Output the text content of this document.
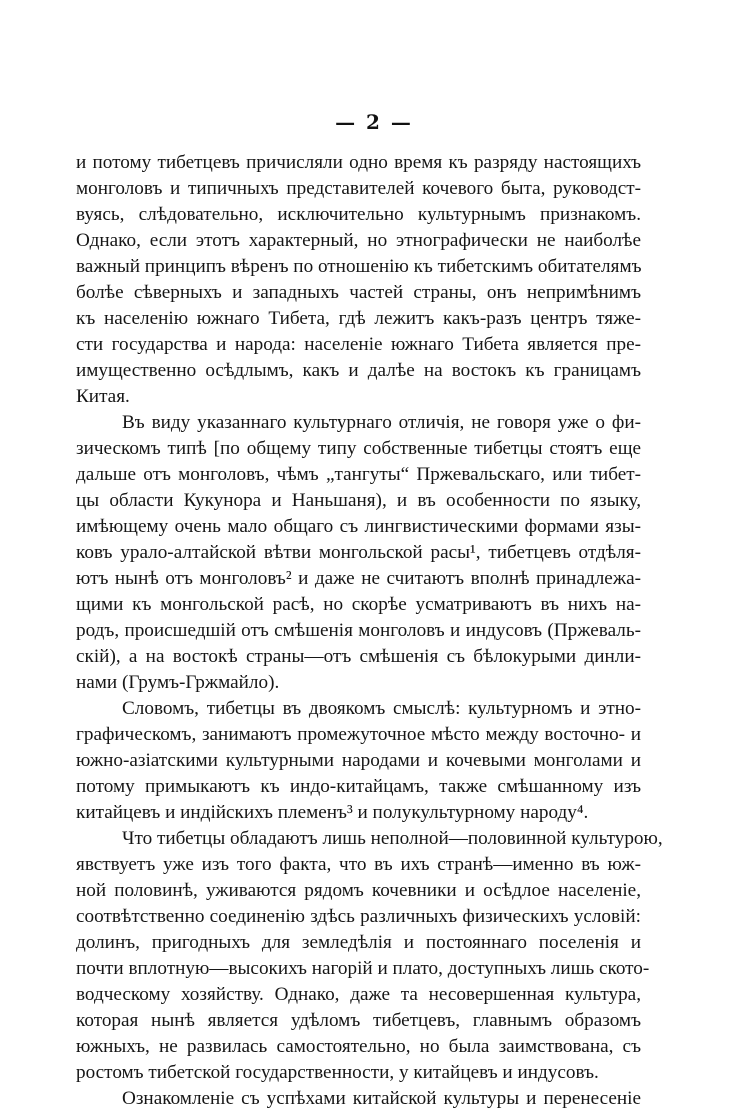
— 2 —
и потому тибетцевъ причисляли одно время къ разряду настоящихъ
монголовъ и типичныхъ представителей кочевого быта, руководст-
вуясь, слѣдовательно, исключительно культурнымъ признакомъ.
Однако, если этотъ характерный, но этнографически не наиболѣе
важный принципъ вѣренъ по отношенію къ тибетскимъ обитателямъ
болѣе сѣверныхъ и западныхъ частей страны, онъ непримѣнимъ
къ населенію южнаго Тибета, гдѣ лежитъ какъ-разъ центръ тяже-
сти государства и народа: населеніе южнаго Тибета является пре-
имущественно осѣдлымъ, какъ и далѣе на востокъ къ границамъ
Китая.
Въ виду указаннаго культурнаго отличія, не говоря уже о фи-
зическомъ типѣ [по общему типу собственные тибетцы стоятъ еще
дальше отъ монголовъ, чѣмъ „тангуты“ Пржевальскаго, или тибет-
цы области Кукунора и Наньшаня), и въ особенности по языку,
имѣющему очень мало общаго съ лингвистическими формами язы-
ковъ урало-алтайской вѣтви монгольской расы¹, тибетцевъ отдѣля-
ютъ нынѣ отъ монголовъ² и даже не считаютъ вполнѣ принадлежа-
щими къ монгольской расѣ, но скорѣе усматриваютъ въ нихъ на-
родъ, происшедшій отъ смѣшенія монголовъ и индусовъ (Пржеваль-
скій), а на востокѣ страны—отъ смѣшенія съ бѣлокурыми динли-
нами (Грумъ-Гржмайло).
Словомъ, тибетцы въ двоякомъ смыслѣ: культурномъ и этно-
графическомъ, занимаютъ промежуточное мѣсто между восточно- и
южно-азіатскими культурными народами и кочевыми монголами и
потому примыкаютъ къ индо-китайцамъ, также смѣшанному изъ
китайцевъ и индійскихъ племенъ³ и полукультурному народу⁴.
Что тибетцы обладаютъ лишь неполной—половинной культурою,
явствуетъ уже изъ того факта, что въ ихъ странѣ—именно въ юж-
ной половинѣ, уживаются рядомъ кочевники и осѣдлое населеніе,
соотвѣтственно соединенію здѣсь различныхъ физическихъ условій:
долинъ, пригодныхъ для земледѣлія и постояннаго поселенія и
почти вплотную—высокихъ нагорій и плато, доступныхъ лишь ското-
водческому хозяйству. Однако, даже та несовершенная культура,
которая нынѣ является удѣломъ тибетцевъ, главнымъ образомъ
южныхъ, не развилась самостоятельно, но была заимствована, съ
ростомъ тибетской государственности, у китайцевъ и индусовъ.
Ознакомленіе съ успѣхами китайской культуры и перенесеніе
